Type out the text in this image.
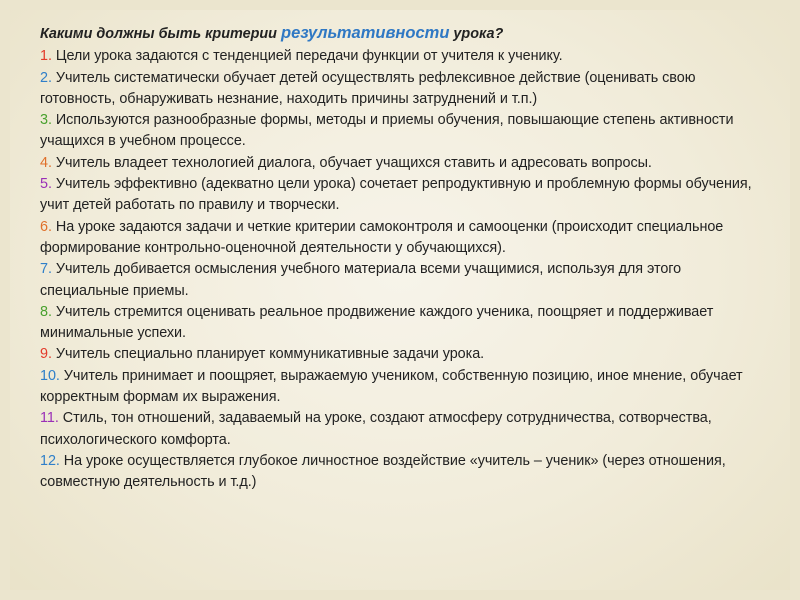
Какими должны быть критерии результативности урока?

1. Цели урока задаются с тенденцией передачи функции от учителя к ученику.

2. Учитель систематически обучает детей осуществлять рефлексивное действие (оценивать свою готовность, обнаруживать незнание, находить причины затруднений и т.п.)

3. Используются разнообразные формы, методы и приемы обучения, повышающие степень активности учащихся в учебном процессе.

4. Учитель владеет технологией диалога, обучает учащихся ставить и адресовать вопросы.

5. Учитель эффективно (адекватно цели урока) сочетает репродуктивную и проблемную формы обучения, учит детей работать по правилу и творчески.

6. На уроке задаются задачи и четкие критерии самоконтроля и самооценки (происходит специальное формирование контрольно-оценочной деятельности у обучающихся).

7. Учитель добивается осмысления учебного материала всеми учащимися, используя для этого специальные приемы.

8. Учитель стремится оценивать реальное продвижение каждого ученика, поощряет и поддерживает минимальные успехи.

9. Учитель специально планирует коммуникативные задачи урока.

10. Учитель принимает и поощряет, выражаемую учеником, собственную позицию, иное мнение, обучает корректным формам их выражения.

11. Стиль, тон отношений, задаваемый на уроке, создают атмосферу сотрудничества, сотворчества, психологического комфорта.

12. На уроке осуществляется глубокое личностное воздействие «учитель – ученик» (через отношения, совместную деятельность и т.д.)
